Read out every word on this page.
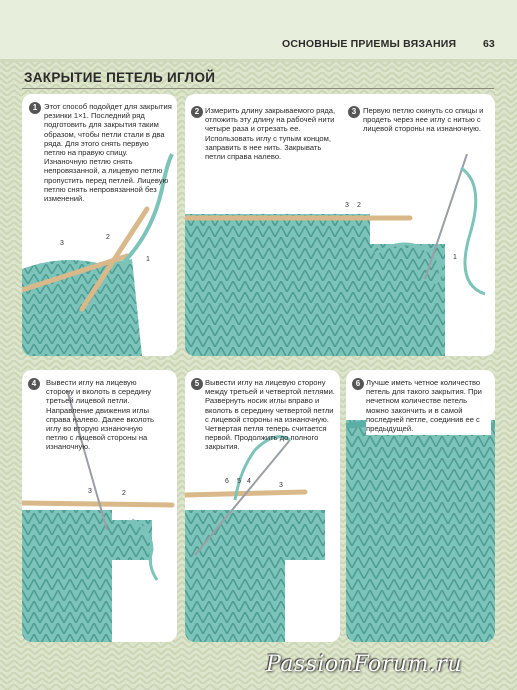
ОСНОВНЫЕ ПРИЕМЫ ВЯЗАНИЯ	63
ЗАКРЫТИЕ ПЕТЕЛЬ ИГЛОЙ
1 Этот способ подойдет для закрытия резинки 1×1. Последний ряд подготовить для закрытия таким образом, чтобы петли стали в два ряда. Для этого снять первую петлю на правую спицу. Изнаночную петлю снять непровязанной, а лицевую петлю пропустить перед петлей. Лицевую петлю снять непровязанной без изменений.
2
3
1
2 Измерить длину закрываемого ряда, отложить эту длину на рабочей нити четыре раза и отрезать ее. Использовать иглу с тупым концом, заправить в нее нить. Закрывать петли справа налево.
3 Первую петлю скинуть со спицы и продеть через нее иглу с нитью с лицевой стороны на изнаночную.
3 2
1
4	Вывести иглу на лицевую сторону и вколоть в середину третьей лицевой петли. Направление движения иглы справа налево. Далее вколоть иглу во вторую изнаночную петлю с лицевой стороны на изнаночную.
3	2
5 Вывести иглу на лицевую сторону между третьей и четвертой петлями. Развернуть носик иглы вправо и вколоть в середину четвертой петли с лицевой стороны на изнаночную. Четвертая петля теперь считается первой. Продолжить до полного закрытия.
6 5 4
3
6 Лучше иметь четное количество петель для такого закрытия. При нечетном количестве петель можно закончить и в самой последней петле, соединив ее с предыдущей.
PassionForum.ru
